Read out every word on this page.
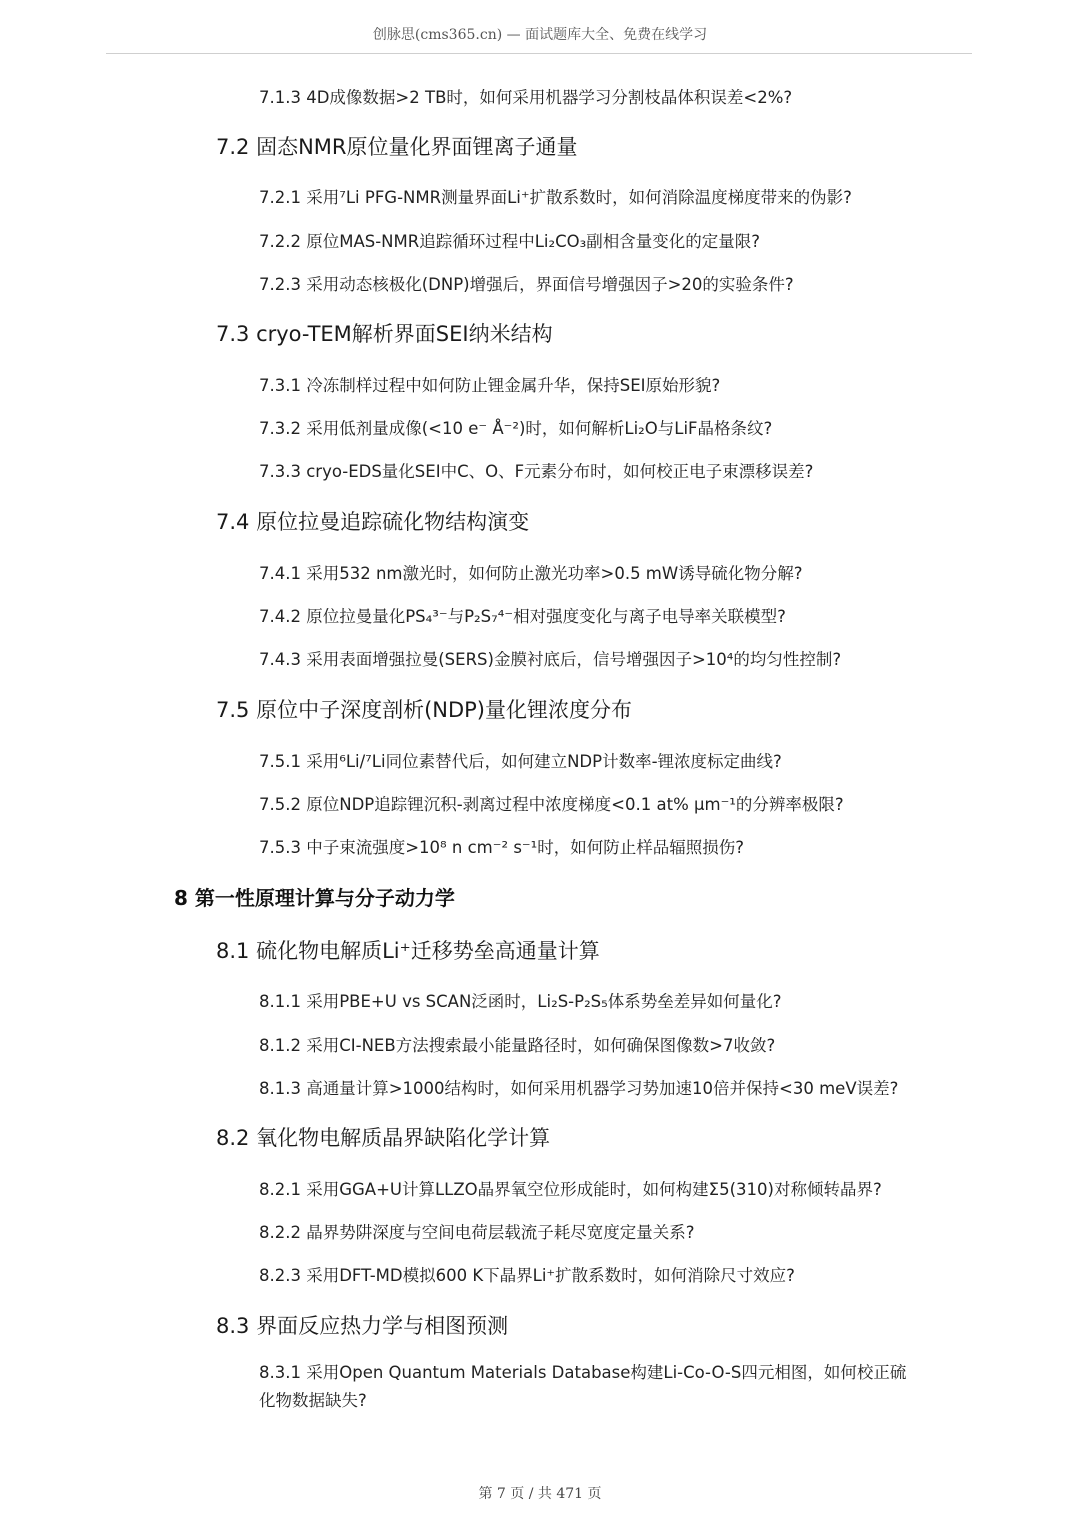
创脉思(cms365.cn) — 面试题库大全、免费在线学习
7.1.3 4D成像数据>2 TB时，如何采用机器学习分割枝晶体积误差<2%?
7.2 固态NMR原位量化界面锂离子通量
7.2.1 采用⁷Li PFG-NMR测量界面Li⁺扩散系数时，如何消除温度梯度带来的伪影?
7.2.2 原位MAS-NMR追踪循环过程中Li₂CO₃副相含量变化的定量限?
7.2.3 采用动态核极化(DNP)增强后，界面信号增强因子>20的实验条件?
7.3 cryo-TEM解析界面SEI纳米结构
7.3.1 冷冻制样过程中如何防止锂金属升华，保持SEI原始形貌?
7.3.2 采用低剂量成像(<10 e⁻ Å⁻²)时，如何解析Li₂O与LiF晶格条纹?
7.3.3 cryo-EDS量化SEI中C、O、F元素分布时，如何校正电子束漂移误差?
7.4 原位拉曼追踪硫化物结构演变
7.4.1 采用532 nm激光时，如何防止激光功率>0.5 mW诱导硫化物分解?
7.4.2 原位拉曼量化PS₄³⁻与P₂S₇⁴⁻相对强度变化与离子电导率关联模型?
7.4.3 采用表面增强拉曼(SERS)金膜衬底后，信号增强因子>10⁴的均匀性控制?
7.5 原位中子深度剖析(NDP)量化锂浓度分布
7.5.1 采用⁶Li/⁷Li同位素替代后，如何建立NDP计数率-锂浓度标定曲线?
7.5.2 原位NDP追踪锂沉积-剥离过程中浓度梯度<0.1 at% μm⁻¹的分辨率极限?
7.5.3 中子束流强度>10⁸ n cm⁻² s⁻¹时，如何防止样品辐照损伤?
8 第一性原理计算与分子动力学
8.1 硫化物电解质Li⁺迁移势垒高通量计算
8.1.1 采用PBE+U vs SCAN泛函时，Li₂S-P₂S₅体系势垒差异如何量化?
8.1.2 采用CI-NEB方法搜索最小能量路径时，如何确保图像数>7收敛?
8.1.3 高通量计算>1000结构时，如何采用机器学习势加速10倍并保持<30 meV误差?
8.2 氧化物电解质晶界缺陷化学计算
8.2.1 采用GGA+U计算LLZO晶界氧空位形成能时，如何构建Σ5(310)对称倾转晶界?
8.2.2 晶界势阱深度与空间电荷层载流子耗尽宽度定量关系?
8.2.3 采用DFT-MD模拟600 K下晶界Li⁺扩散系数时，如何消除尺寸效应?
8.3 界面反应热力学与相图预测
8.3.1 采用Open Quantum Materials Database构建Li-Co-O-S四元相图，如何校正硫化物数据缺失?
第 7 页 / 共 471 页
